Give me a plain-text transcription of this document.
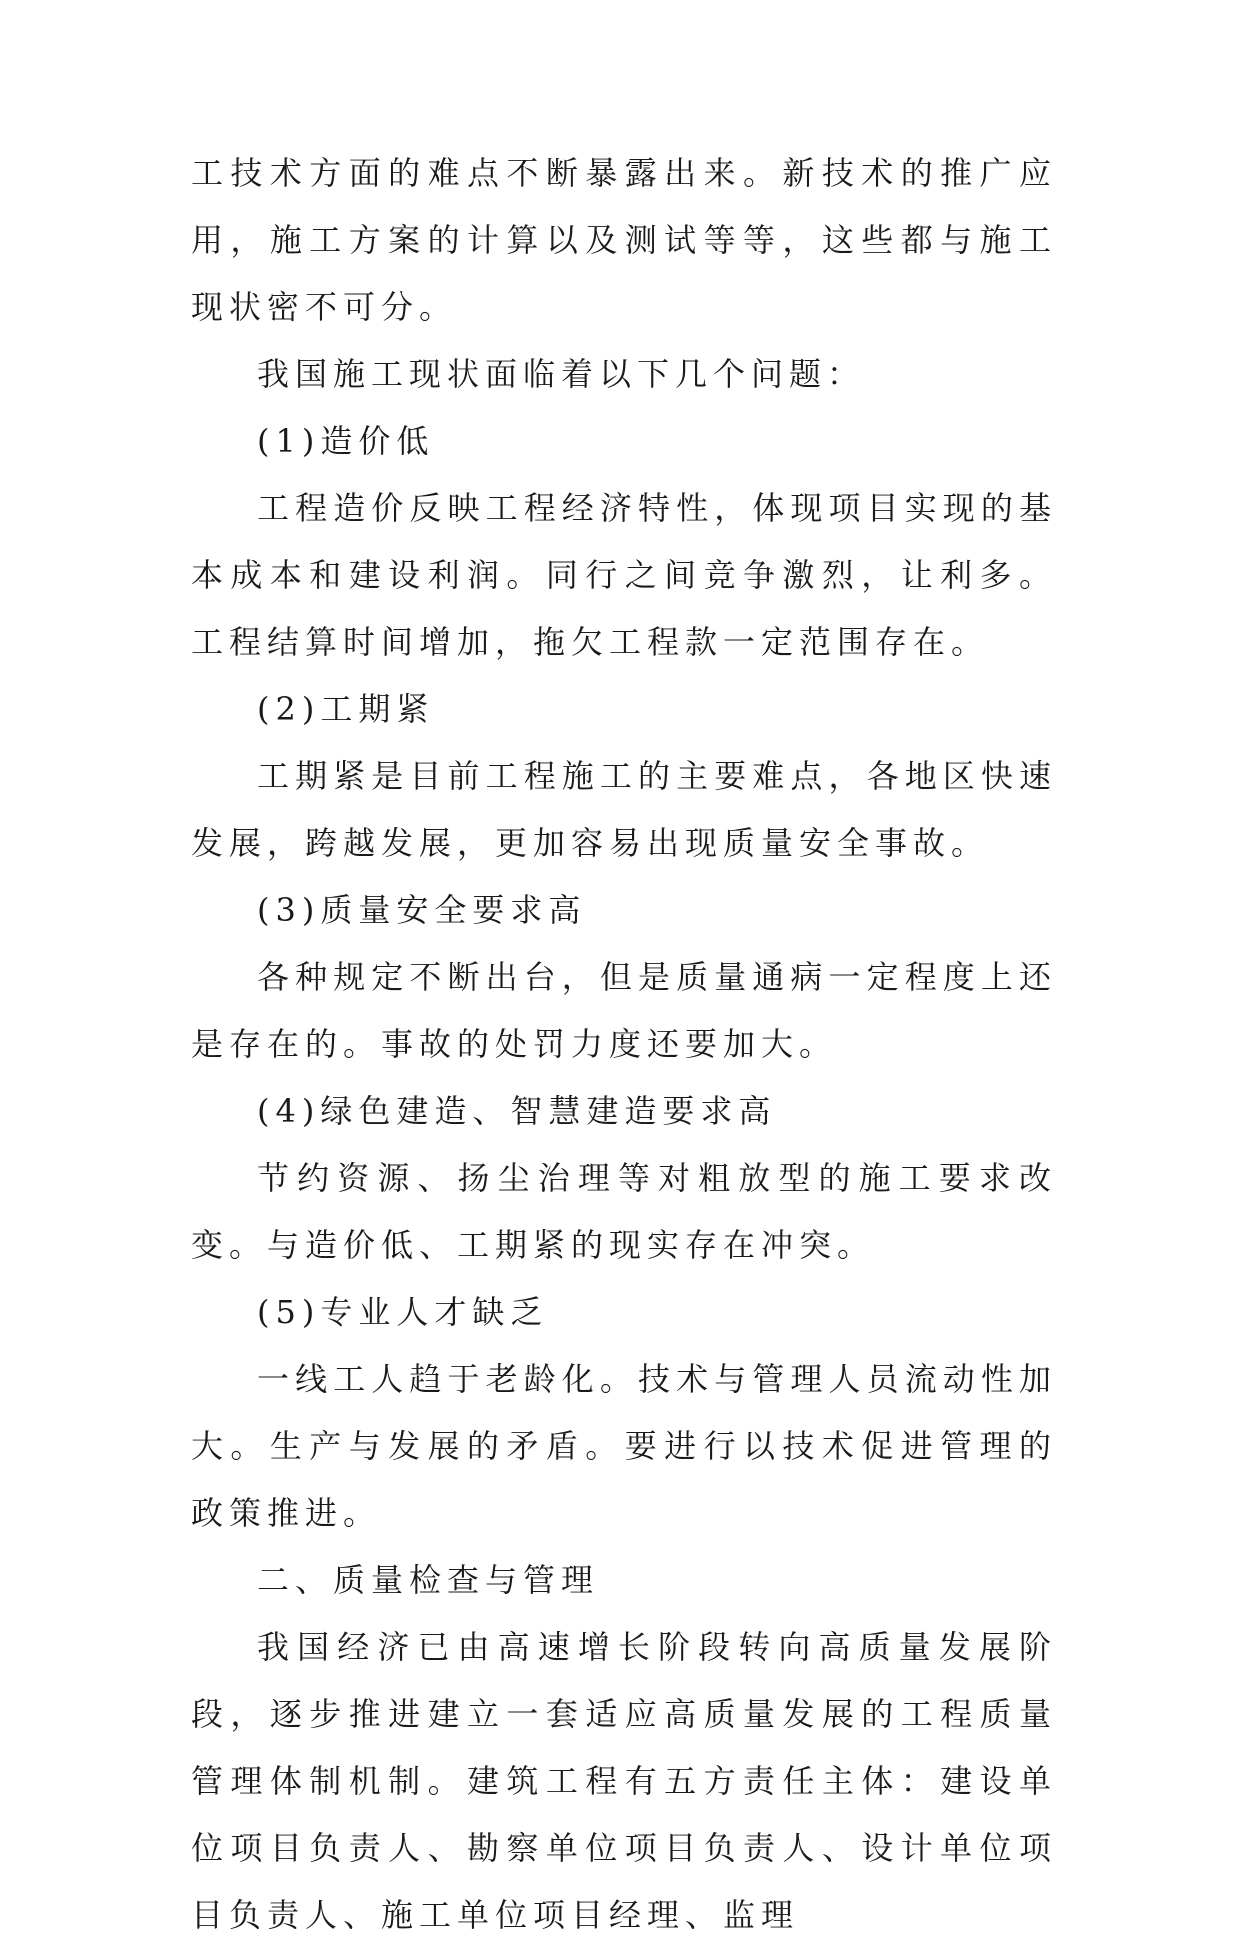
工技术方面的难点不断暴露出来。新技术的推广应用，施工方案的计算以及测试等等，这些都与施工现状密不可分。

我国施工现状面临着以下几个问题：

(1)造价低

工程造价反映工程经济特性，体现项目实现的基本成本和建设利润。同行之间竞争激烈，让利多。工程结算时间增加，拖欠工程款一定范围存在。

(2)工期紧

工期紧是目前工程施工的主要难点，各地区快速发展，跨越发展，更加容易出现质量安全事故。

(3)质量安全要求高

各种规定不断出台，但是质量通病一定程度上还是存在的。事故的处罚力度还要加大。

(4)绿色建造、智慧建造要求高

节约资源、扬尘治理等对粗放型的施工要求改变。与造价低、工期紧的现实存在冲突。

(5)专业人才缺乏

一线工人趋于老龄化。技术与管理人员流动性加大。生产与发展的矛盾。要进行以技术促进管理的政策推进。

二、质量检查与管理

我国经济已由高速增长阶段转向高质量发展阶段，逐步推进建立一套适应高质量发展的工程质量管理体制机制。建筑工程有五方责任主体：建设单位项目负责人、勘察单位项目负责人、设计单位项目负责人、施工单位项目经理、监理
